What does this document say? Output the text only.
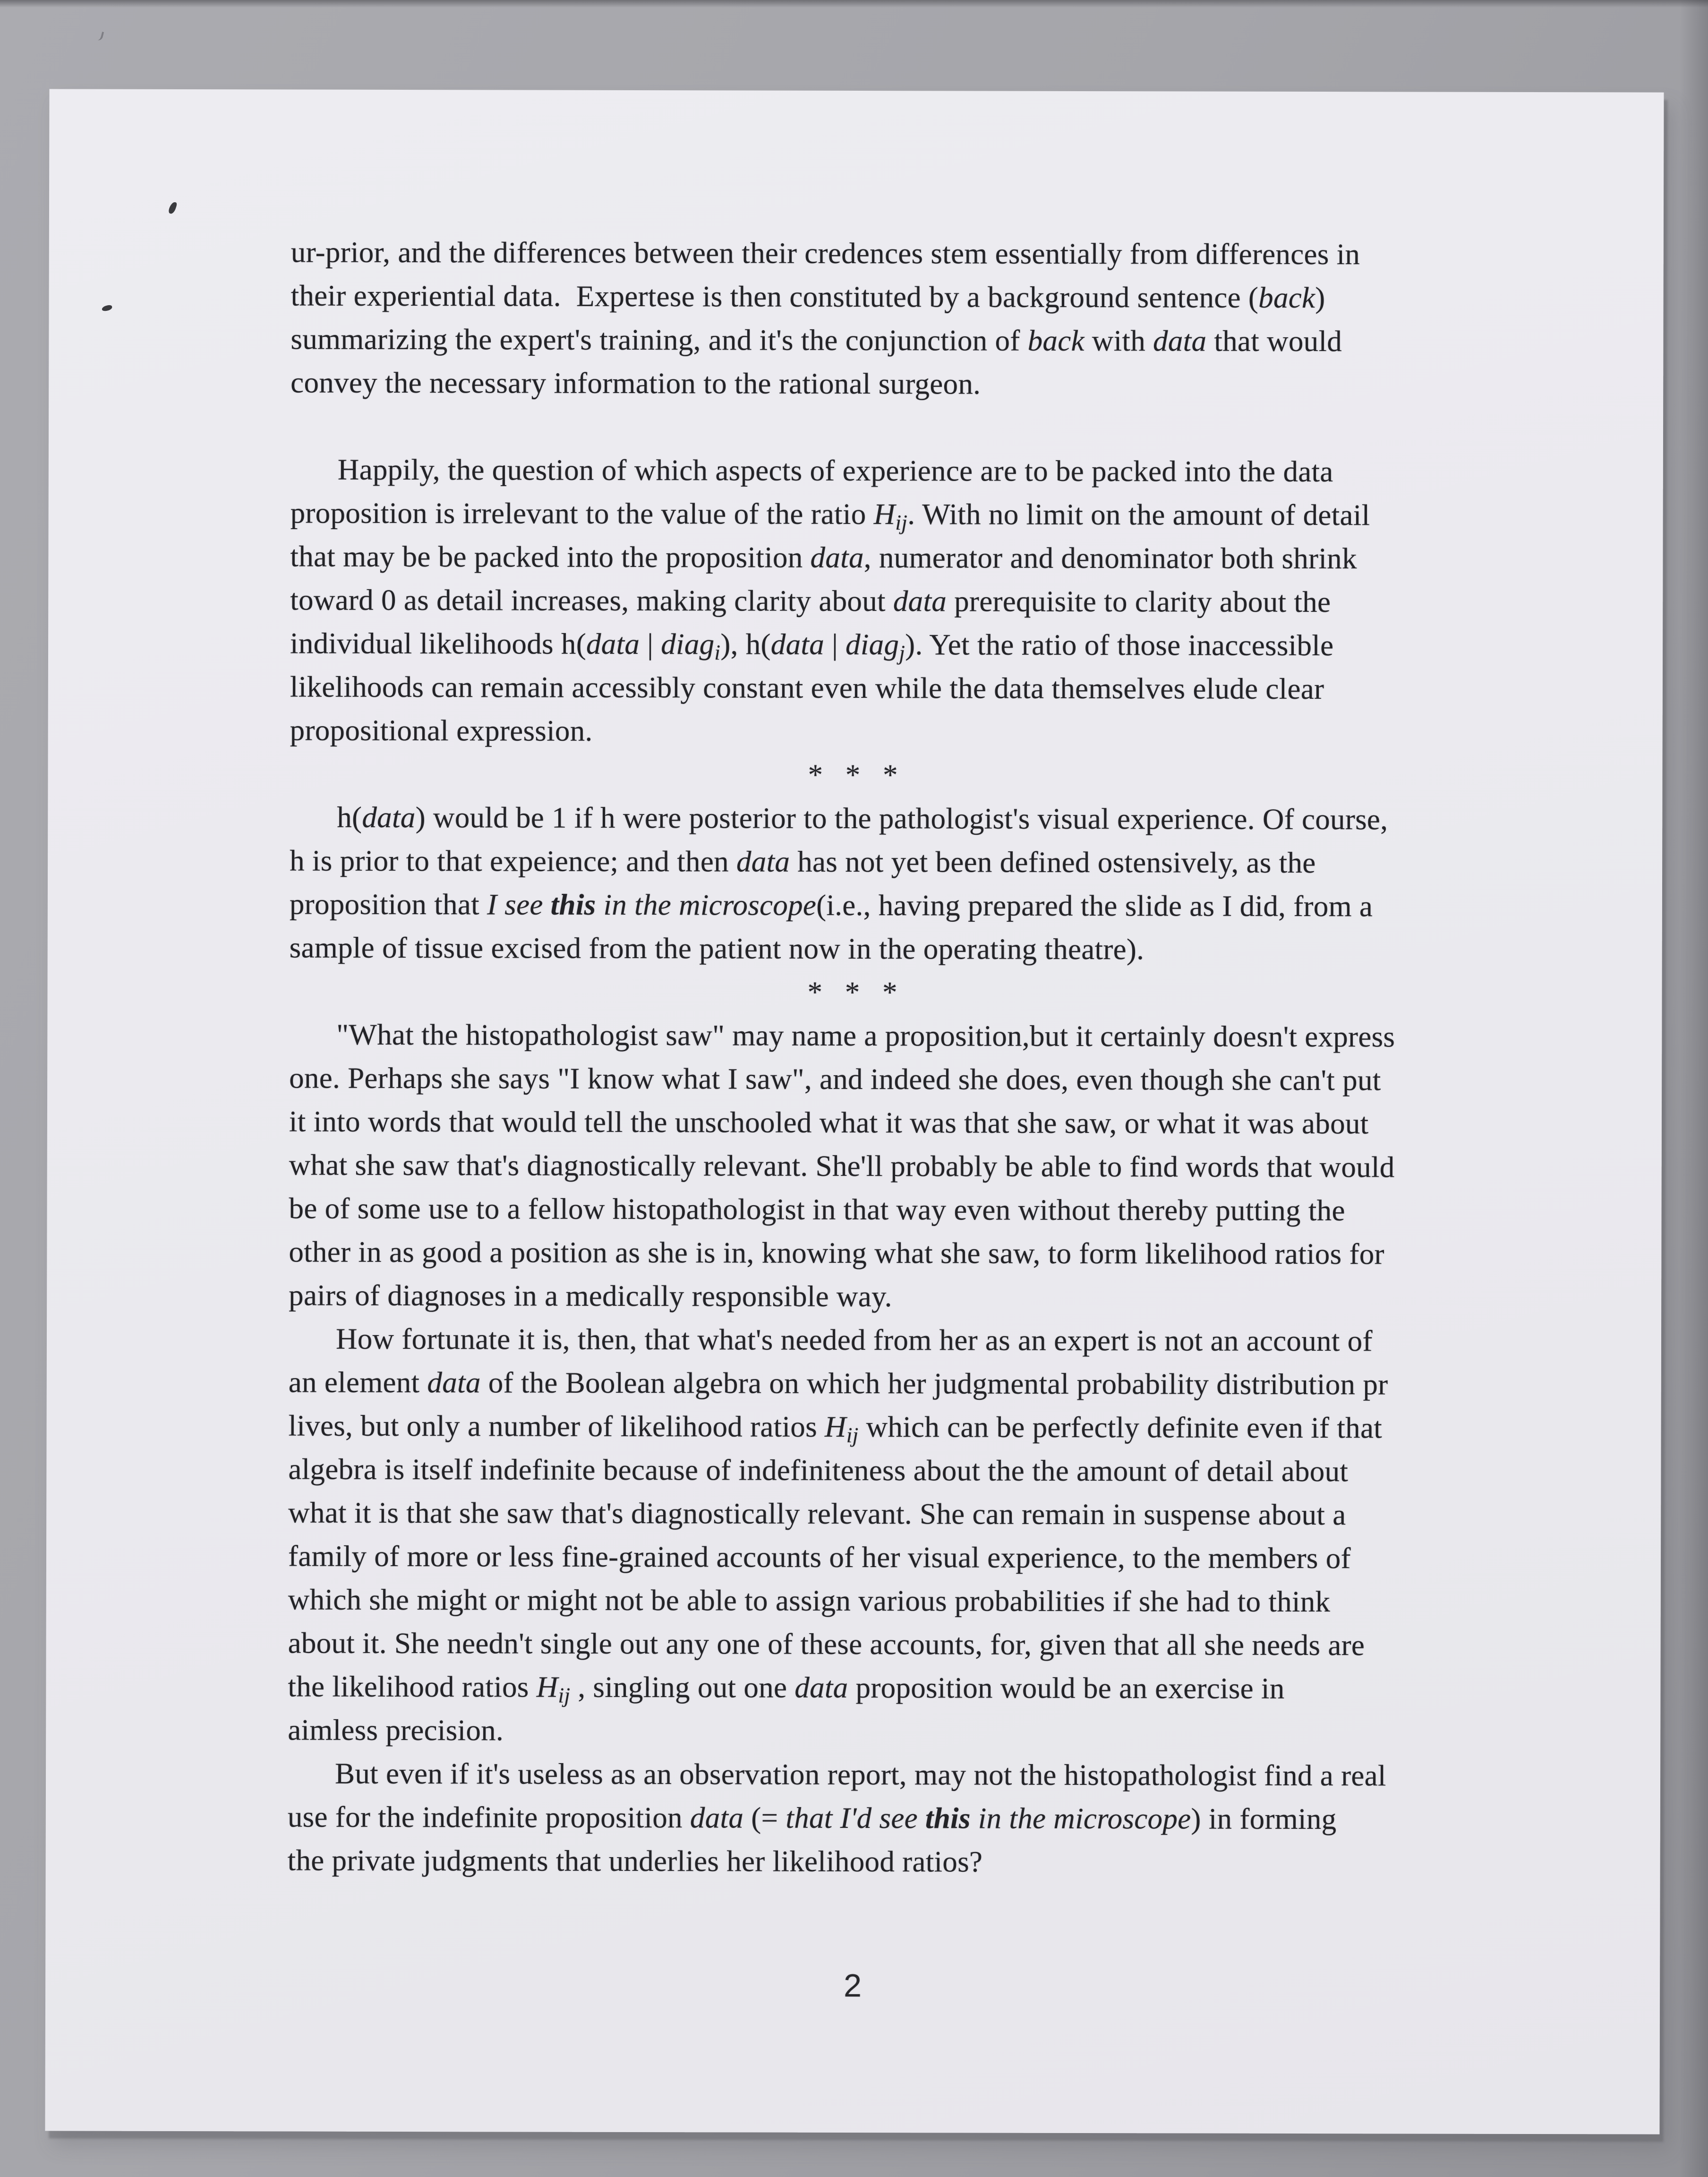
ur-prior, and the differences between their credences stem essentially from differences in
their experiential data.  Expertese is then constituted by a background sentence (back)
summarizing the expert's training, and it's the conjunction of back with data that would
convey the necessary information to the rational surgeon.
Happily, the question of which aspects of experience are to be packed into the data
proposition is irrelevant to the value of the ratio $H_{ij}$. With no limit on the amount of detail
that may be be packed into the proposition data, numerator and denominator both shrink
toward 0 as detail increases, making clarity about data prerequisite to clarity about the
individual likelihoods h(data | diag$_i$), h(data | diag$_j$). Yet the ratio of those inaccessible
likelihoods can remain accessibly constant even while the data themselves elude clear
propositional expression.
* * *
h(data) would be 1 if h were posterior to the pathologist's visual experience. Of course,
h is prior to that expeience; and then data has not yet been defined ostensively, as the
proposition that I see this in the microscope(i.e., having prepared the slide as I did, from a
sample of tissue excised from the patient now in the operating theatre).
* * *
"What the histopathologist saw" may name a proposition,but it certainly doesn't express
one. Perhaps she says "I know what I saw", and indeed she does, even though she can't put
it into words that would tell the unschooled what it was that she saw, or what it was about
what she saw that's diagnostically relevant. She'll probably be able to find words that would
be of some use to a fellow histopathologist in that way even without thereby putting the
other in as good a position as she is in, knowing what she saw, to form likelihood ratios for
pairs of diagnoses in a medically responsible way.
How fortunate it is, then, that what's needed from her as an expert is not an account of
an element data of the Boolean algebra on which her judgmental probability distribution pr
lives, but only a number of likelihood ratios $H_{ij}$ which can be perfectly definite even if that
algebra is itself indefinite because of indefiniteness about the the amount of detail about
what it is that she saw that's diagnostically relevant. She can remain in suspense about a
family of more or less fine-grained accounts of her visual experience, to the members of
which she might or might not be able to assign various probabilities if she had to think
about it. She needn't single out any one of these accounts, for, given that all she needs are
the likelihood ratios $H_{ij}$ , singling out one data proposition would be an exercise in
aimless precision.
But even if it's useless as an observation report, may not the histopathologist find a real
use for the indefinite proposition data (= that I'd see this in the microscope) in forming
the private judgments that underlies her likelihood ratios?
2
